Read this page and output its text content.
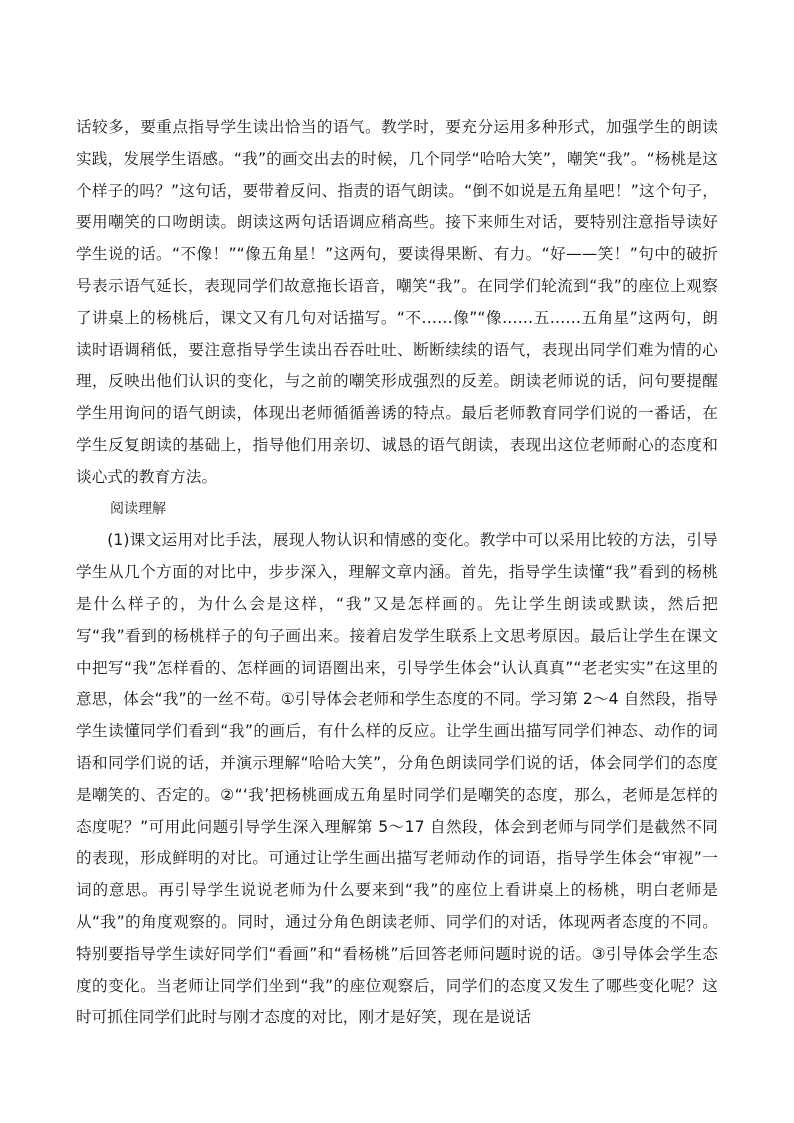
话较多，要重点指导学生读出恰当的语气。教学时，要充分运用多种形式，加强学生的朗读实践，发展学生语感。“我”的画交出去的时候，几个同学“哈哈大笑”，嘲笑“我”。“杨桃是这个样子的吗？”这句话，要带着反问、指责的语气朗读。“倒不如说是五角星吧！”这个句子，要用嘲笑的口吻朗读。朗读这两句话语调应稍高些。接下来师生对话，要特别注意指导读好学生说的话。“不像！”“像五角星！”这两句，要读得果断、有力。“好——笑！”句中的破折号表示语气延长，表现同学们故意拖长语音，嘲笑“我”。在同学们轮流到“我”的座位上观察了讲桌上的杨桃后，课文又有几句对话描写。“不……像”“像……五……五角星”这两句，朗读时语调稍低，要注意指导学生读出吞吞吐吐、断断续续的语气，表现出同学们难为情的心理，反映出他们认识的变化，与之前的嘲笑形成强烈的反差。朗读老师说的话，问句要提醒学生用询问的语气朗读，体现出老师循循善诱的特点。最后老师教育同学们说的一番话，在学生反复朗读的基础上，指导他们用亲切、诚恳的语气朗读，表现出这位老师耐心的态度和谈心式的教育方法。

阅读理解

(1)课文运用对比手法，展现人物认识和情感的变化。教学中可以采用比较的方法，引导学生从几个方面的对比中，步步深入，理解文章内涵。首先，指导学生读懂“我”看到的杨桃是什么样子的，为什么会是这样，“我”又是怎样画的。先让学生朗读或默读，然后把写“我”看到的杨桃样子的句子画出来。接着启发学生联系上文思考原因。最后让学生在课文中把写“我”怎样看的、怎样画的词语圈出来，引导学生体会“认认真真”“老老实实”在这里的意思，体会“我”的一丝不苟。①引导体会老师和学生态度的不同。学习第 2～4 自然段，指导学生读懂同学们看到“我”的画后，有什么样的反应。让学生画出描写同学们神态、动作的词语和同学们说的话，并演示理解“哈哈大笑”，分角色朗读同学们说的话，体会同学们的态度是嘲笑的、否定的。②“‘我’把杨桃画成五角星时同学们是嘲笑的态度，那么，老师是怎样的态度呢？”可用此问题引导学生深入理解第 5～17 自然段，体会到老师与同学们是截然不同的表现，形成鲜明的对比。可通过让学生画出描写老师动作的词语，指导学生体会“审视”一词的意思。再引导学生说说老师为什么要来到“我”的座位上看讲桌上的杨桃，明白老师是从“我”的角度观察的。同时，通过分角色朗读老师、同学们的对话，体现两者态度的不同。特别要指导学生读好同学们“看画”和“看杨桃”后回答老师问题时说的话。③引导体会学生态度的变化。当老师让同学们坐到“我”的座位观察后，同学们的态度又发生了哪些变化呢？这时可抓住同学们此时与刚才态度的对比，刚才是好笑，现在是说话
